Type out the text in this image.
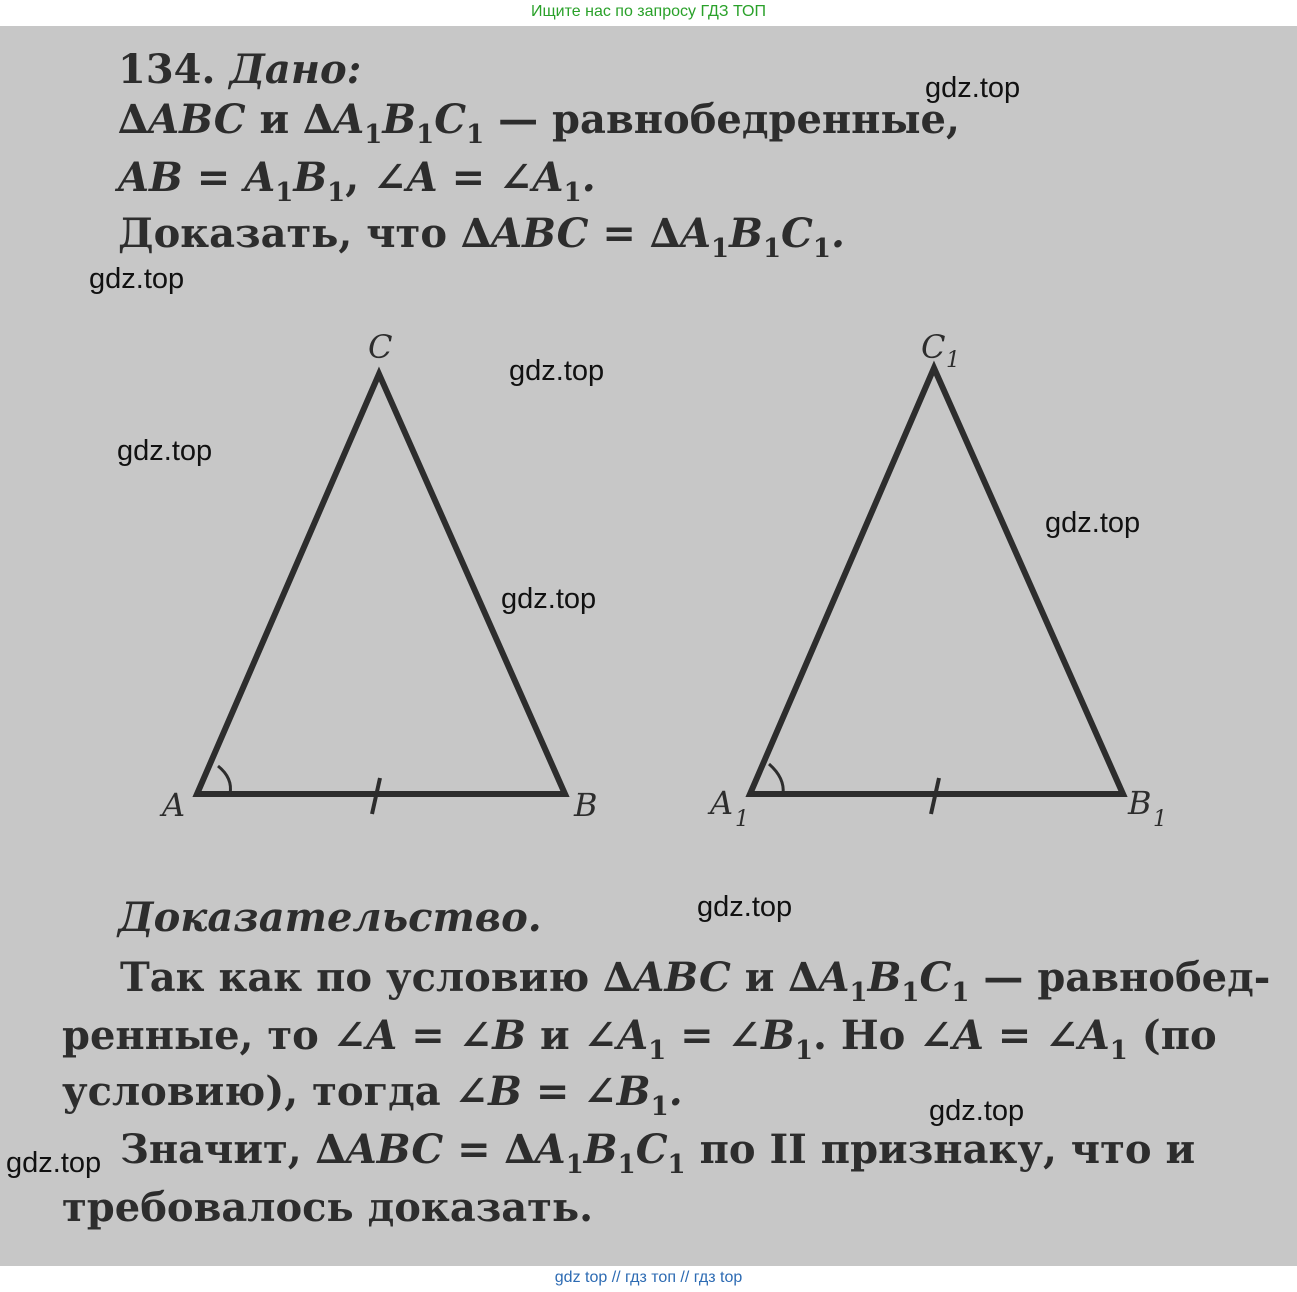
Ищите нас по запросу ГДЗ ТОП
134. Дано:
∆ABC и $\Delta A_1B_1C_1$ — равнобедренные,
AB = $A_1B_1$, ∠A = $\angle A_1$.
Доказать, что $\Delta ABC = \Delta A_1B_1C_1$.
C
A	B
C 1
A 1	B 1
Доказательство.
Так как по условию ∆ABC и $\Delta A_1B_1C_1$ — равнобед-
ренные, то ∠A = ∠B и $\angle A_1$ = $\angle B_1$. Но ∠A = $\angle A_1$ (по
условию), тогда ∠B = $\angle B_1$.
Значит, $\Delta ABC = \Delta A_1B_1C_1$ по II признаку, что и
требовалось доказать.
gdz.top
gdz.top
gdz.top
gdz.top
gdz.top
gdz.top
gdz.top
gdz.top
gdz.top
gdz top // гдз топ // гдз top
